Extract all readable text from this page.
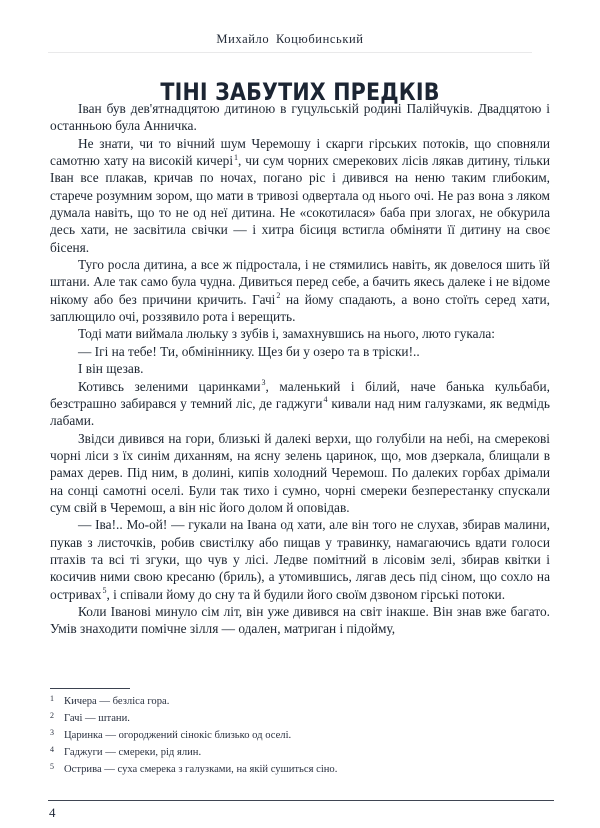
Михайло Коцюбинський
ТІНІ ЗАБУТИХ ПРЕДКІВ

Іван був дев'ятнадцятою дитиною в гуцульській родині Палійчуків. Двадцятою і останньою була Анничка.

Не знати, чи то вічний шум Черемошу і скарги гірських потоків, що сповняли самотню хату на високій кичері$^1$, чи сум чорних смерекових лісів лякав дитину, тільки Іван все плакав, кричав по ночах, погано ріс і дивився на неню таким глибоким, старече розумним зором, що мати в тривозі одвертала од нього очі. Не раз вона з ляком думала навіть, що то не од неї дитина. Не «сокотилася» баба при злогах, не обкурила десь хати, не засвітила свічки — і хитра бісиця встигла обміняти її дитину на своє бісеня.

Туго росла дитина, а все ж підростала, і не стямились навіть, як довелося шить їй штани. Але так само була чудна. Дивиться перед себе, а бачить якесь далеке і не відоме нікому або без причини кричить. Гачі$^2$ на йому спадають, а воно стоїть серед хати, заплющило очі, роззявило рота і верещить.

Тоді мати виймала люльку з зубів і, замахнувшись на нього, люто гукала:

— Ігі на тебе! Ти, обмініннику. Щез би у озеро та в тріски!..

І він щезав.

Котивсь зеленими царинками$^3$, маленький і білий, наче банька кульбаби, безстрашно забирався у темний ліс, де гаджуги$^4$ кивали над ним галузками, як ведмідь лабами.

Звідси дивився на гори, близькі й далекі верхи, що голубіли на небі, на смерекові чорні ліси з їх синім диханням, на ясну зелень царинок, що, мов дзеркала, блищали в рамах дерев. Під ним, в долині, кипів холодний Черемош. По далеких горбах дрімали на сонці самотні оселі. Були так тихо і сумно, чорні смереки безперестанку спускали сум свій в Черемош, а він ніс його долом й оповідав.

— Іва!.. Мо-ой! — гукали на Івана од хати, але він того не слухав, збирав малини, пукав з листочків, робив свистілку або пищав у травинку, намагаючись вдати голоси птахів та всі ті згуки, що чув у лісі. Ледве помітний в лісовім зелі, збирав квітки і косичив ними свою кресаню (бриль), а утомившись, лягав десь під сіном, що сохло на остривах$^5$, і співали йому до сну та й будили його своїм дзвоном гірські потоки.

Коли Іванові минуло сім літ, він уже дивився на світ інакше. Він знав вже багато. Умів знаходити помічне зілля — одален, матриган і підойму,

1 Кичера — безліса гора.

2 Гачі — штани.

3 Царинка — огороджений сінокіс близько од оселі.

4 Гаджуги — смереки, рід ялин.

5 Острива — суха смерека з галузками, на якій сушиться сіно.

4
